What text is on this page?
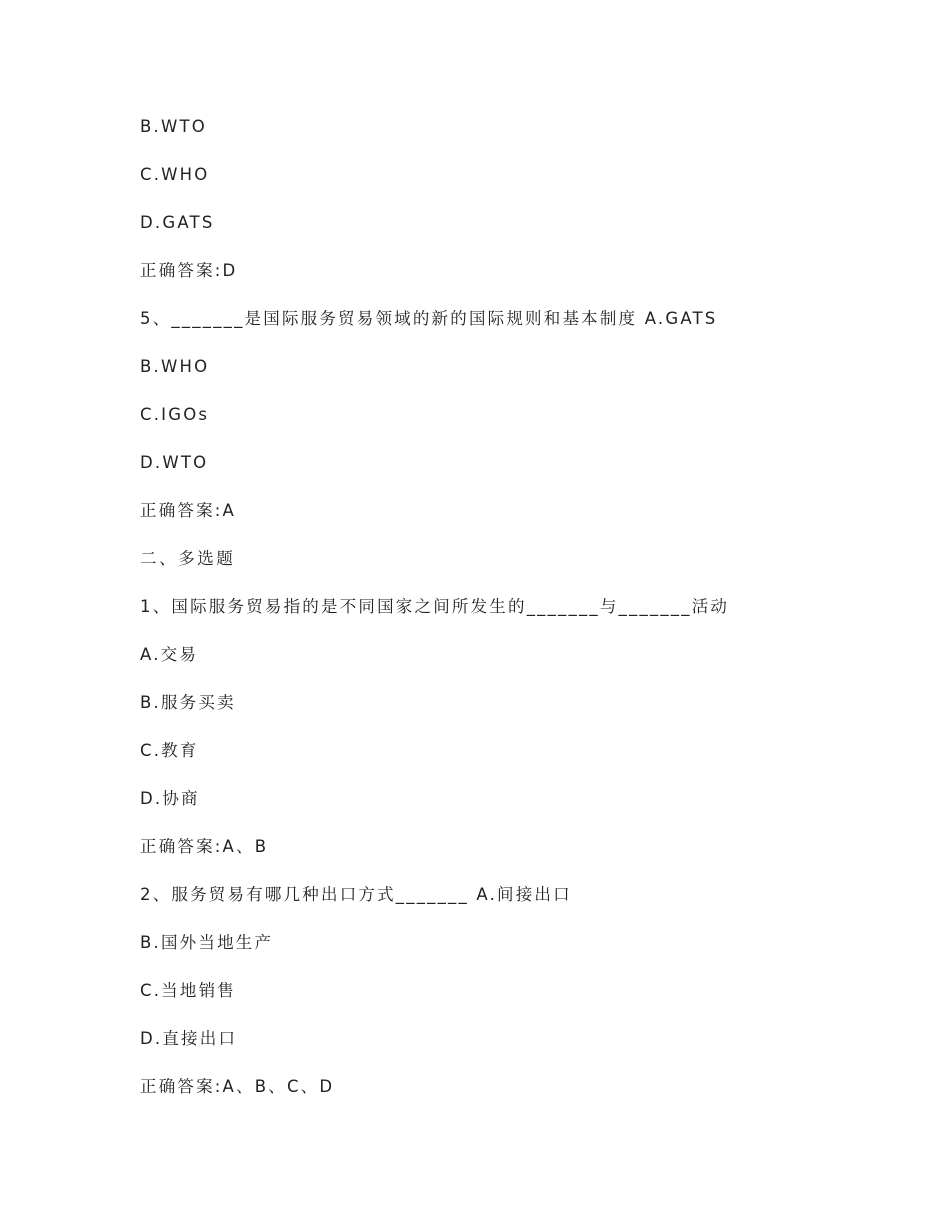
B.WTO
C.WHO
D.GATS
正确答案:D
5、_______是国际服务贸易领域的新的国际规则和基本制度 A.GATS
B.WHO
C.IGOs
D.WTO
正确答案:A
二、多选题
1、国际服务贸易指的是不同国家之间所发生的_______与_______活动
A.交易
B.服务买卖
C.教育
D.协商
正确答案:A、B
2、服务贸易有哪几种出口方式_______ A.间接出口
B.国外当地生产
C.当地销售
D.直接出口
正确答案:A、B、C、D
